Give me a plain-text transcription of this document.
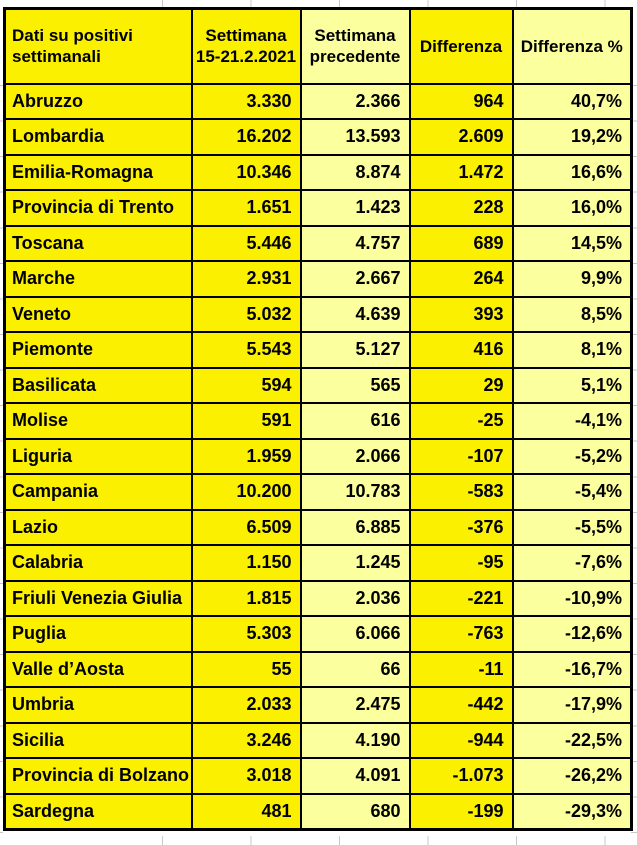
Dati su positivi settimanali	Settimana 15-21.2.2021	Settimana precedente	Differenza	Differenza %
Abruzzo	3.330	2.366	964	40,7%
Lombardia	16.202	13.593	2.609	19,2%
Emilia-Romagna	10.346	8.874	1.472	16,6%
Provincia di Trento	1.651	1.423	228	16,0%
Toscana	5.446	4.757	689	14,5%
Marche	2.931	2.667	264	9,9%
Veneto	5.032	4.639	393	8,5%
Piemonte	5.543	5.127	416	8,1%
Basilicata	594	565	29	5,1%
Molise	591	616	-25	-4,1%
Liguria	1.959	2.066	-107	-5,2%
Campania	10.200	10.783	-583	-5,4%
Lazio	6.509	6.885	-376	-5,5%
Calabria	1.150	1.245	-95	-7,6%
Friuli Venezia Giulia	1.815	2.036	-221	-10,9%
Puglia	5.303	6.066	-763	-12,6%
Valle d’Aosta	55	66	-11	-16,7%
Umbria	2.033	2.475	-442	-17,9%
Sicilia	3.246	4.190	-944	-22,5%
Provincia di Bolzano	3.018	4.091	-1.073	-26,2%
Sardegna	481	680	-199	-29,3%
